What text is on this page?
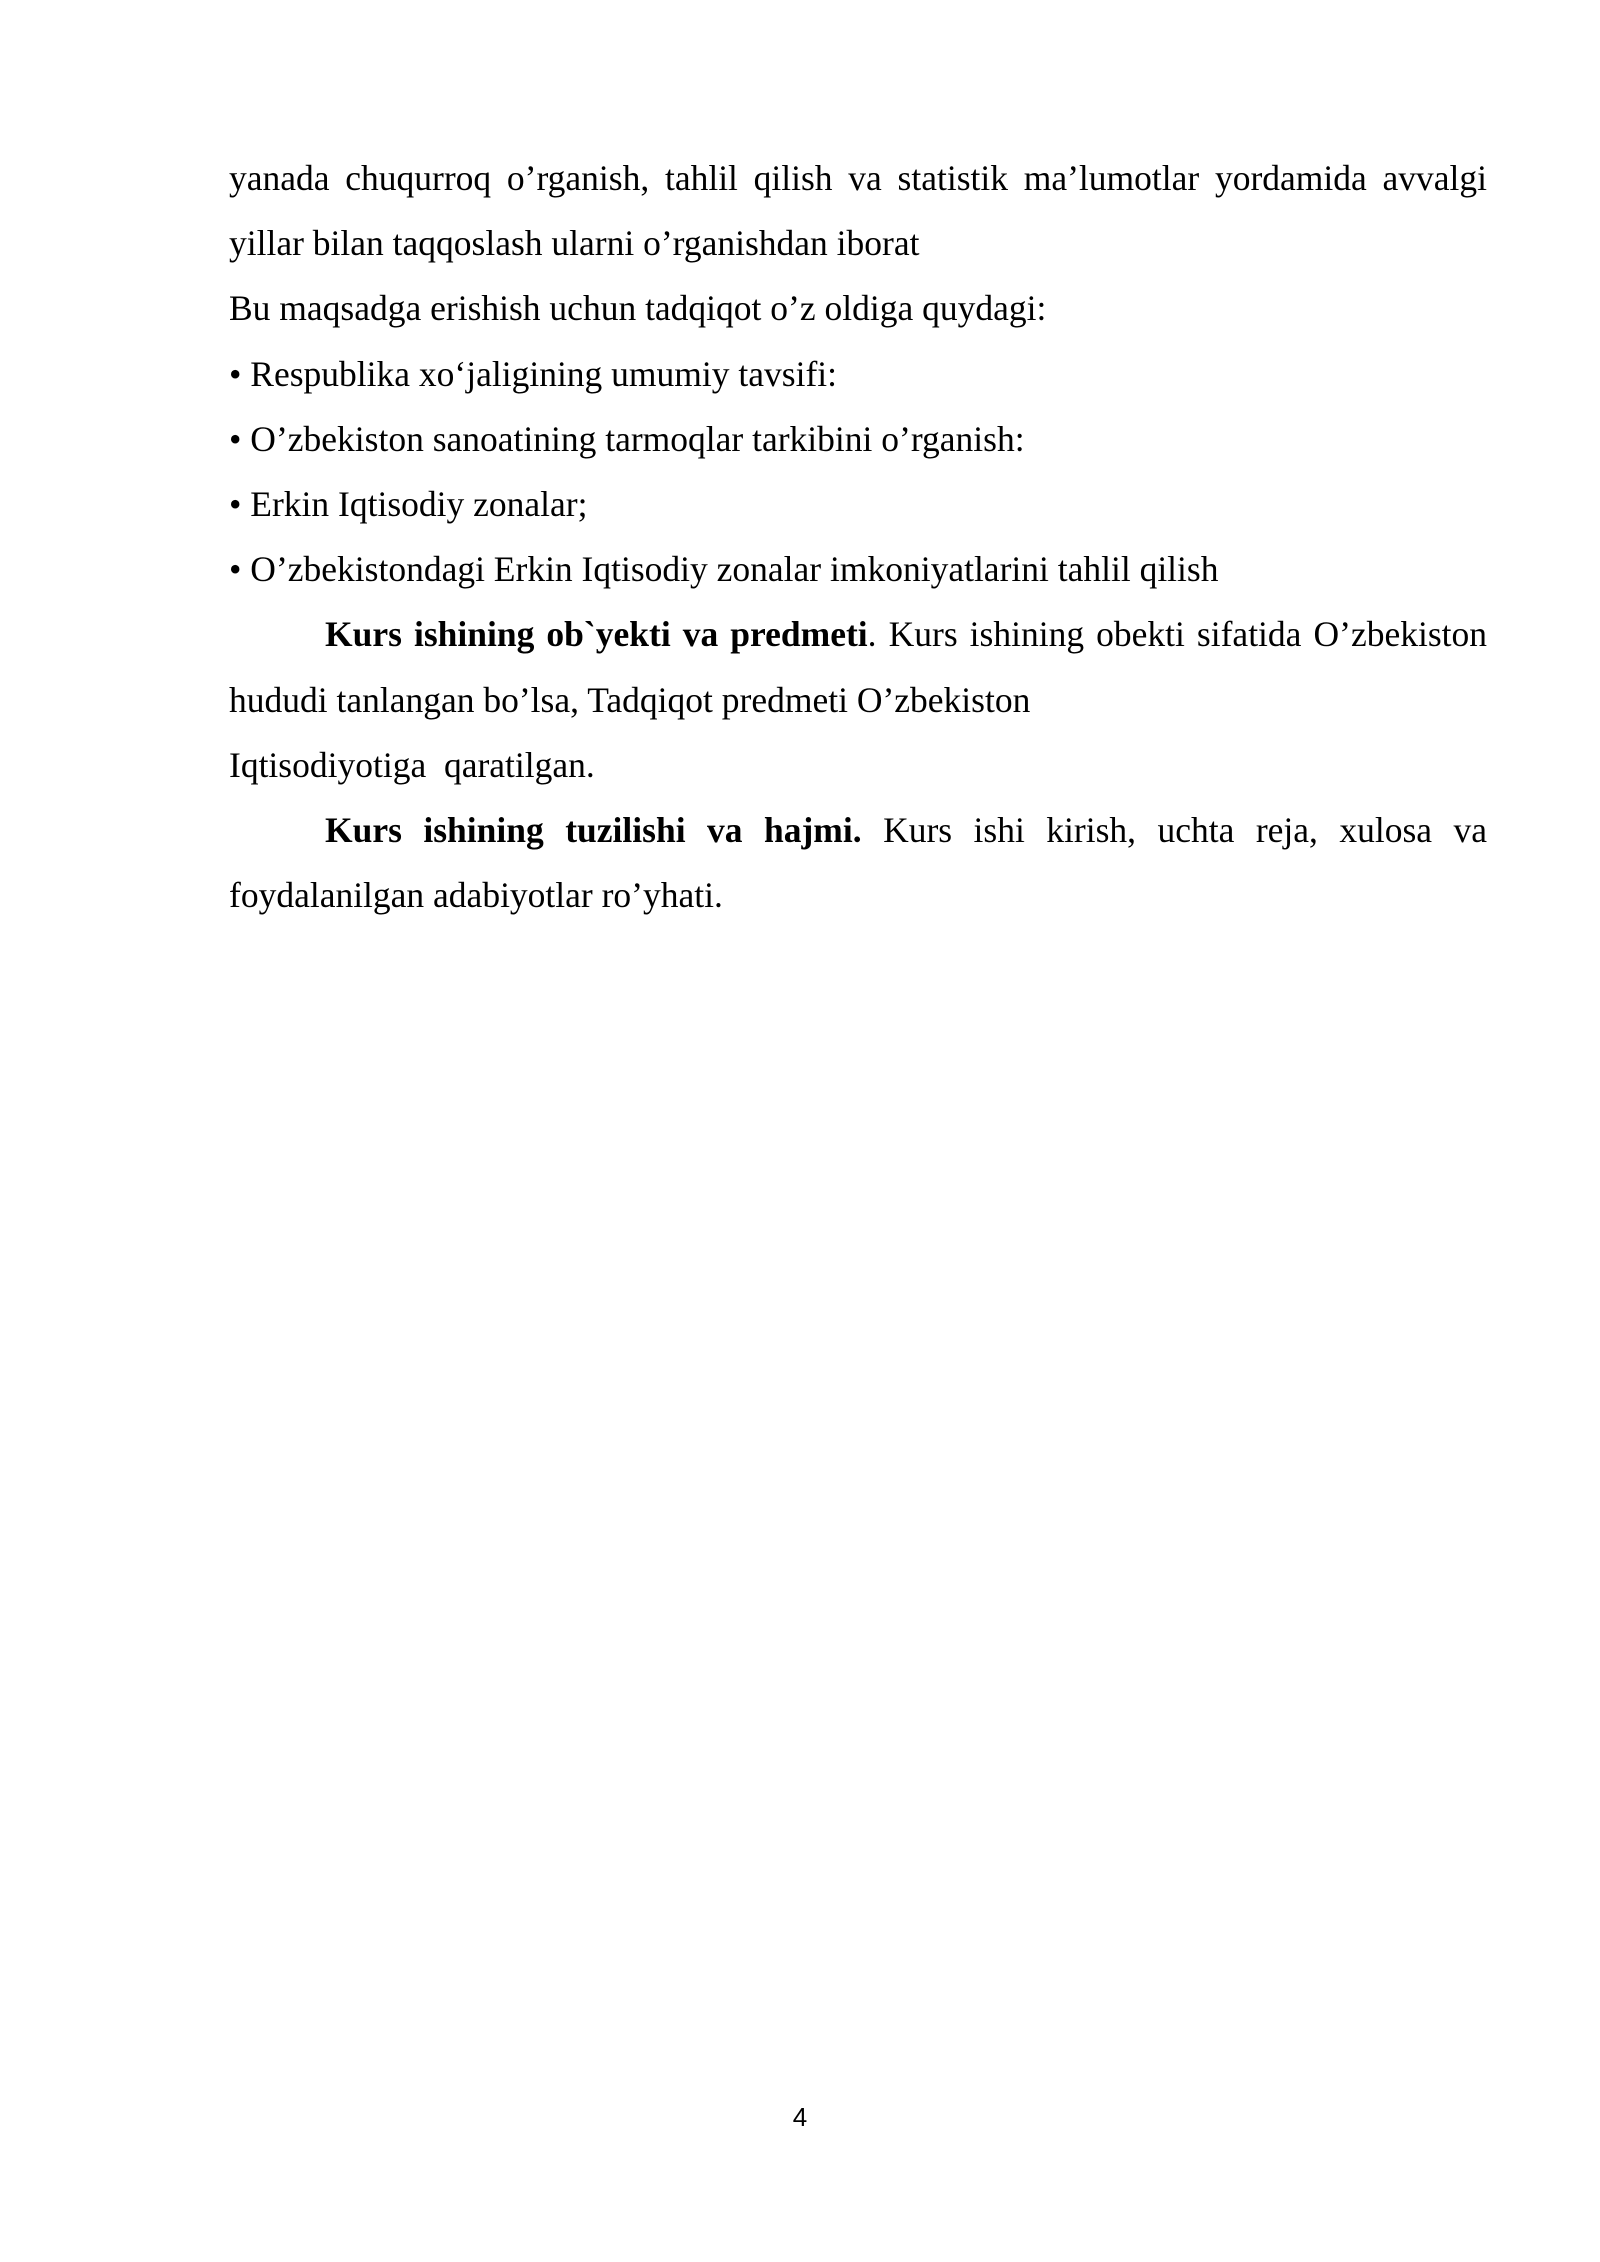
yanada chuqurroq o’rganish, tahlil qilish va statistik ma’lumotlar yordamida avvalgi yillar bilan taqqoslash ularni o’rganishdan iborat

Bu maqsadga erishish uchun tadqiqot o’z oldiga quydagi:

• Respublika xo‘jaligining umumiy tavsifi:

• O’zbekiston sanoatining tarmoqlar tarkibini o’rganish:

• Erkin Iqtisodiy zonalar;

• O’zbekistondagi Erkin Iqtisodiy zonalar imkoniyatlarini tahlil qilish

Kurs ishining ob`yekti va predmeti. Kurs ishining obekti sifatida O’zbekiston hududi tanlangan bo’lsa, Tadqiqot predmeti O’zbekiston

Iqtisodiyotiga  qaratilgan.

Kurs ishining tuzilishi va hajmi. Kurs ishi kirish, uchta reja, xulosa va foydalanilgan adabiyotlar ro’yhati.

4
